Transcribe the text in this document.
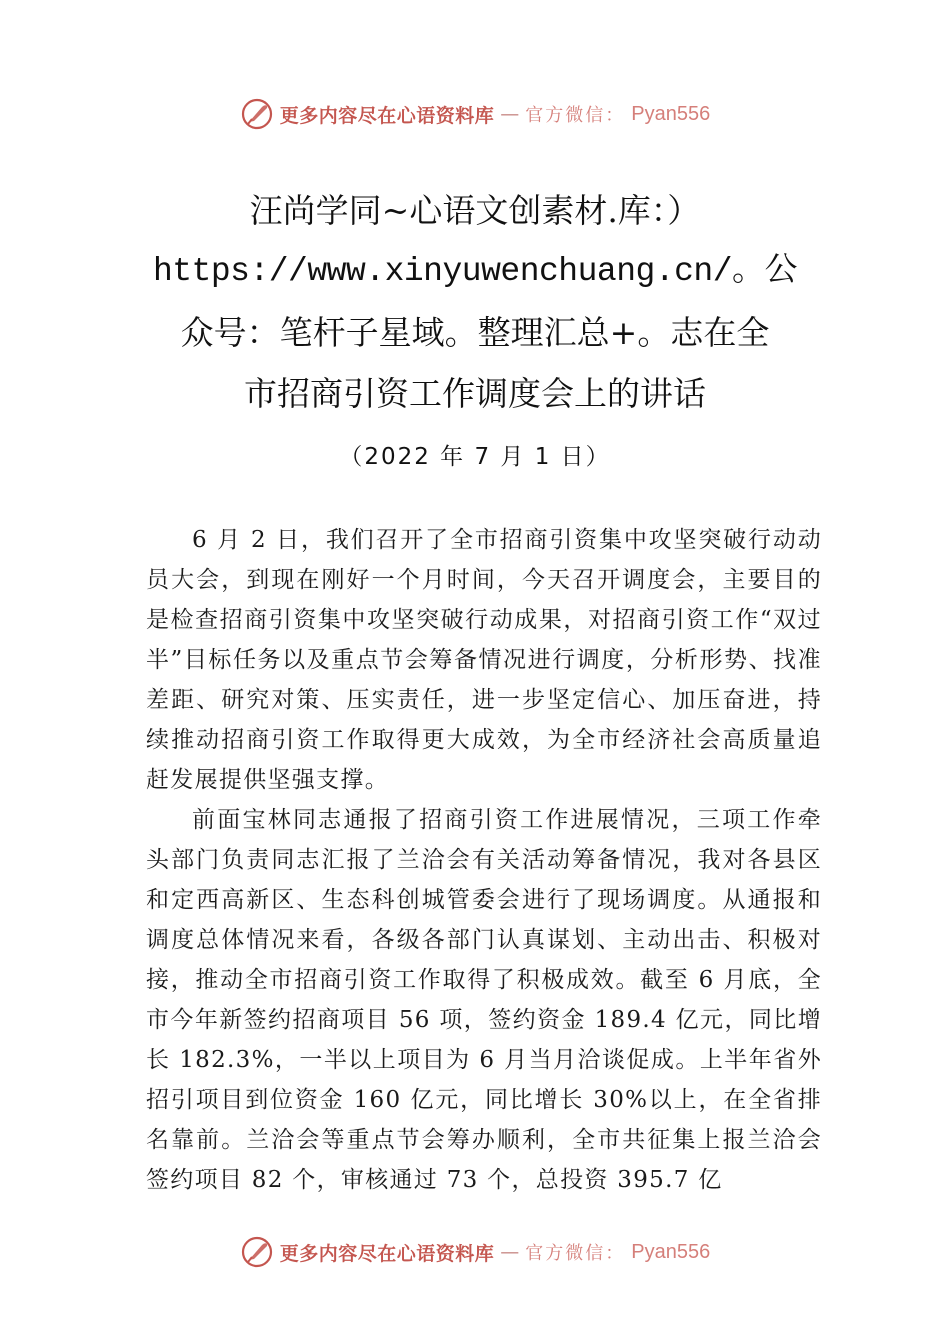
更多内容尽在心语资料库 — 官方微信： Pyan556
汪尚学同~心语文创素材.库：）
https://www.xinyuwenchuang.cn/。公
众号：笔杆子星域。整理汇总+。志在全
市招商引资工作调度会上的讲话
（2022 年 7 月 1 日）

6 月 2 日，我们召开了全市招商引资集中攻坚突破行动动员大会，到现在刚好一个月时间，今天召开调度会，主要目的是检查招商引资集中攻坚突破行动成果，对招商引资工作“双过半”目标任务以及重点节会筹备情况进行调度，分析形势、找准差距、研究对策、压实责任，进一步坚定信心、加压奋进，持续推动招商引资工作取得更大成效，为全市经济社会高质量追赶发展提供坚强支撑。

前面宝林同志通报了招商引资工作进展情况，三项工作牵头部门负责同志汇报了兰洽会有关活动筹备情况，我对各县区和定西高新区、生态科创城管委会进行了现场调度。从通报和调度总体情况来看，各级各部门认真谋划、主动出击、积极对接，推动全市招商引资工作取得了积极成效。截至 6 月底，全市今年新签约招商项目 56 项，签约资金 189.4 亿元，同比增长 182.3%，一半以上项目为 6 月当月洽谈促成。上半年省外招引项目到位资金 160 亿元，同比增长 30%以上，在全省排名靠前。兰洽会等重点节会筹办顺利，全市共征集上报兰洽会签约项目 82 个，审核通过 73 个，总投资 395.7 亿

更多内容尽在心语资料库 — 官方微信： Pyan556
